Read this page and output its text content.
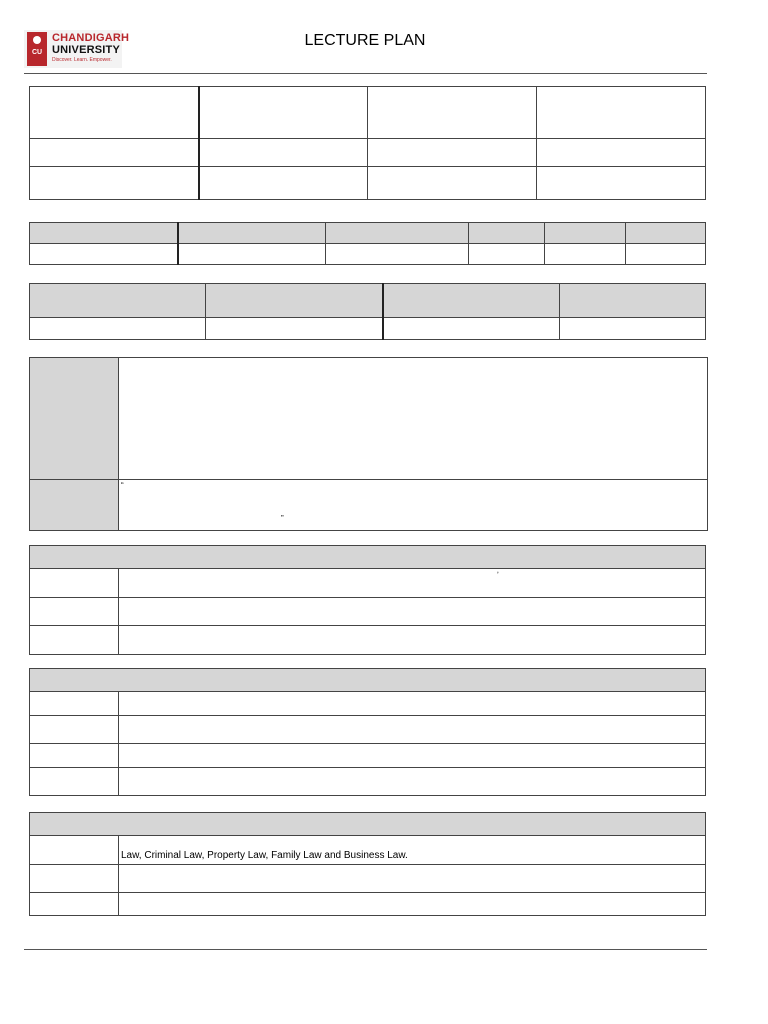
CU
CHANDIGARH
UNIVERSITY
Discover. Learn. Empower.
LECTURE PLAN

“
”

ʼ

	Law, Criminal Law, Property Law, Family Law and Business Law.
